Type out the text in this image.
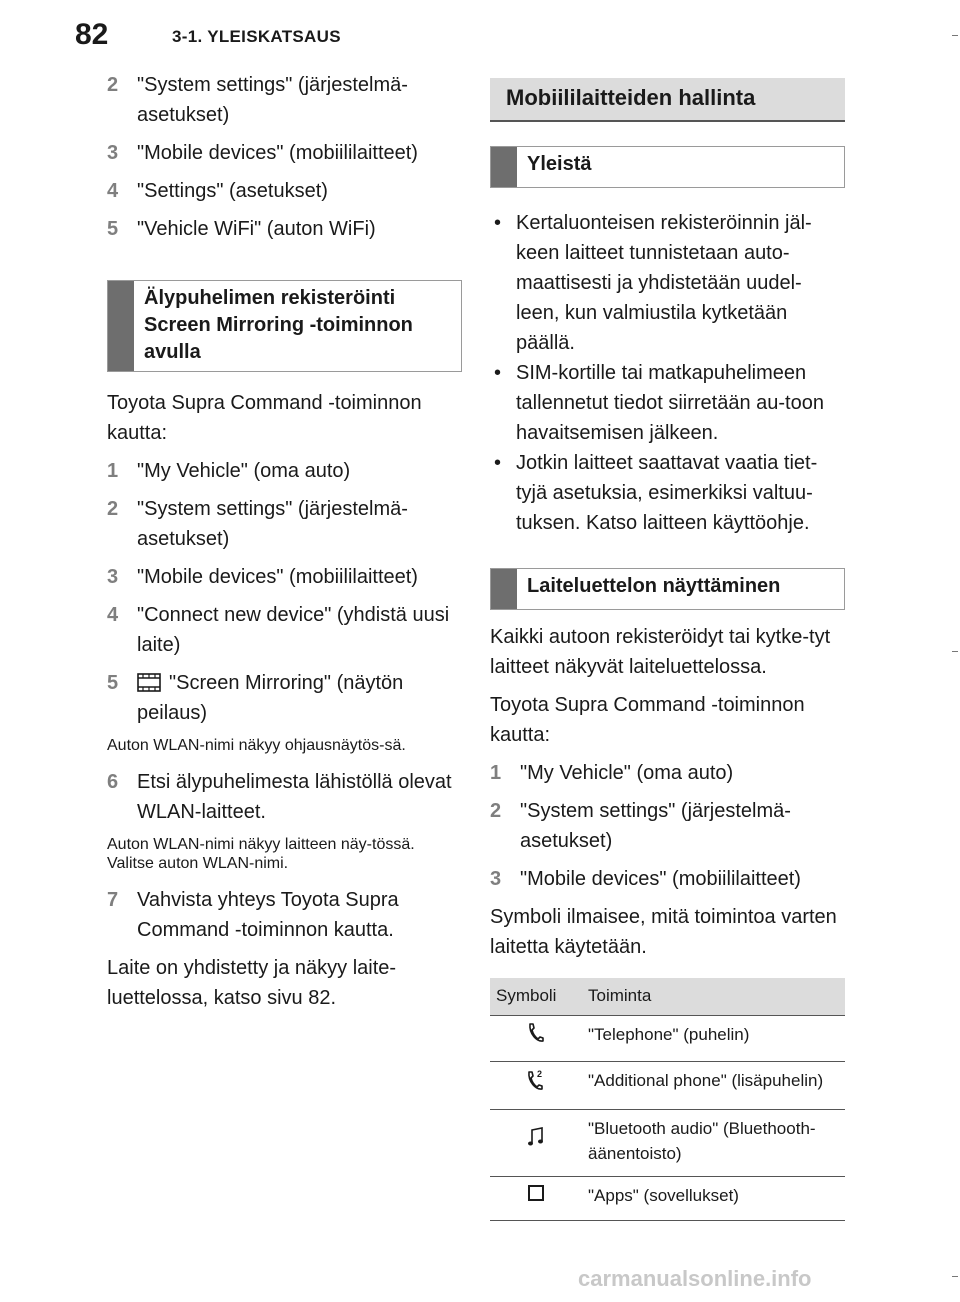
82	3-1. YLEISKATSAUS
2 "System settings" (järjestelmä-asetukset)
3 "Mobile devices" (mobiililaitteet)
4 "Settings" (asetukset)
5 "Vehicle WiFi" (auton WiFi)
Älypuhelimen rekisteröinti
Screen Mirroring -toiminnon
avulla

Toyota Supra Command -toiminnon kautta:

1 "My Vehicle" (oma auto)
2 "System settings" (järjestelmä-asetukset)
3 "Mobile devices" (mobiililaitteet)
4 "Connect new device" (yhdistä uusi laite)
5	"Screen Mirroring" (näytön peilaus)

Auton WLAN-nimi näkyy ohjausnäytös-sä.

6 Etsi älypuhelimesta lähistöllä olevat WLAN-laitteet.

Auton WLAN-nimi näkyy laitteen näy-tössä. Valitse auton WLAN-nimi.

7 Vahvista yhteys Toyota Supra Command -toiminnon kautta.

Laite on yhdistetty ja näkyy laite-luettelossa, katso sivu 82.

Mobiililaitteiden hallinta
Yleistä
• Kertaluonteisen rekisteröinnin jäl-keen laitteet tunnistetaan auto-maattisesti ja yhdistetään uudel-leen, kun valmiustila kytketään päällä.
• SIM-kortille tai matkapuhelimeen tallennetut tiedot siirretään au-toon havaitsemisen jälkeen.
• Jotkin laitteet saattavat vaatia tiet-tyjä asetuksia, esimerkiksi valtuu-tuksen. Katso laitteen käyttöohje.
Laiteluettelon näyttäminen

Kaikki autoon rekisteröidyt tai kytke-tyt laitteet näkyvät laiteluettelossa.

Toyota Supra Command -toiminnon kautta:

1 "My Vehicle" (oma auto)
2 "System settings" (järjestelmä-asetukset)
3 "Mobile devices" (mobiililaitteet)

Symboli ilmaisee, mitä toimintoa varten laitetta käytetään.

Symboli	Toiminta
	"Telephone" (puhelin)

2	"Additional phone" (lisäpuhelin)
	"Bluetooth audio" (Bluethooth-äänentoisto)
	"Apps" (sovellukset)
carmanualsonline.info
